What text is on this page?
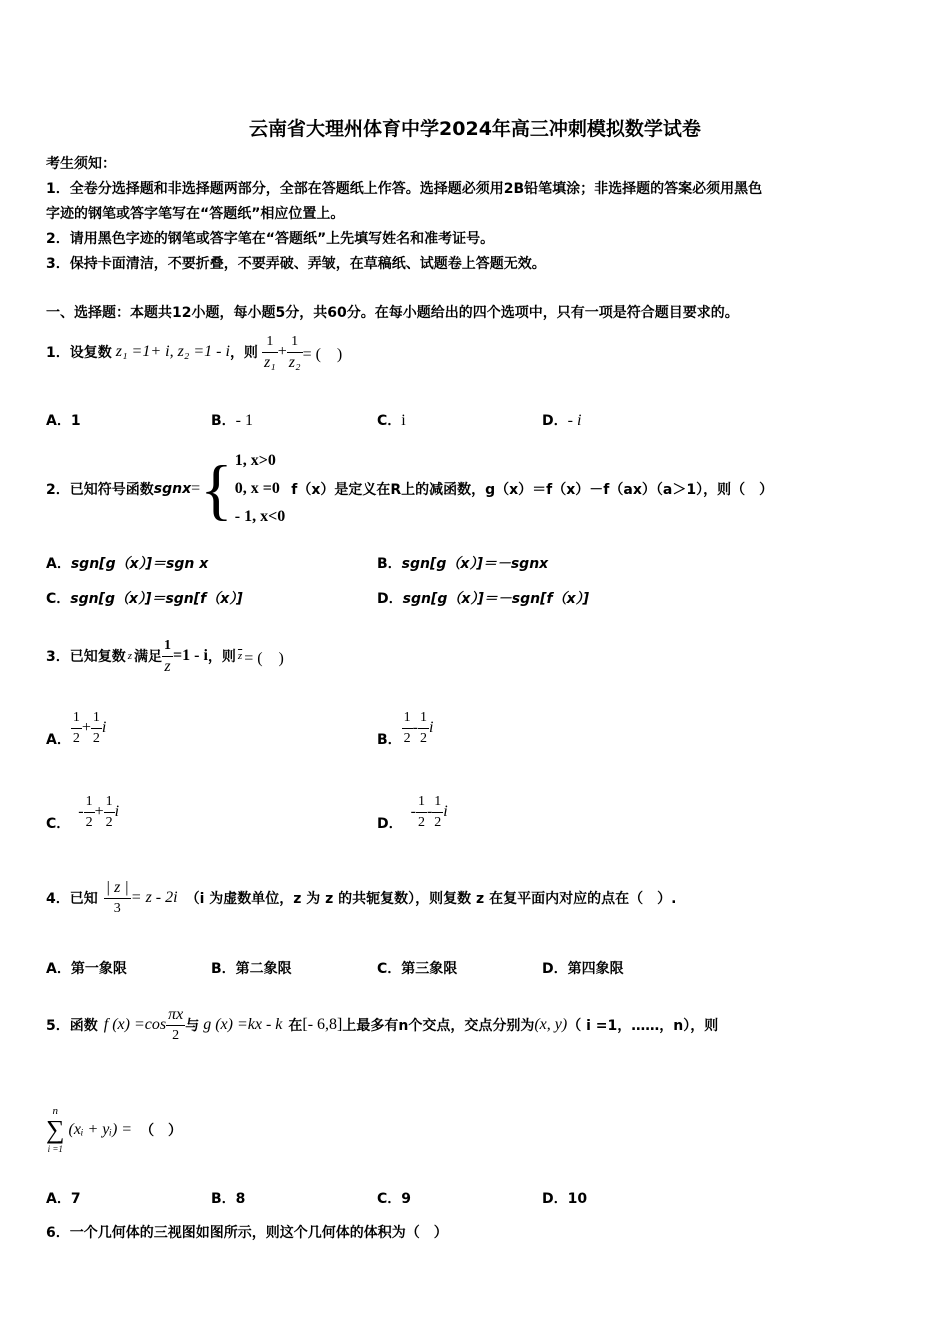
云南省大理州体育中学2024年高三冲刺模拟数学试卷
考生须知：
1．全卷分选择题和非选择题两部分，全部在答题纸上作答。选择题必须用2B铅笔填涂；非选择题的答案必须用黑色
字迹的钢笔或答字笔写在“答题纸”相应位置上。
2．请用黑色字迹的钢笔或答字笔在“答题纸”上先填写姓名和准考证号。
3．保持卡面清洁，不要折叠，不要弄破、弄皱，在草稿纸、试题卷上答题无效。
一、选择题：本题共12小题，每小题5分，共60分。在每小题给出的四个选项中，只有一项是符合题目要求的。
1．设复数 z₁ =1+ i, z₂ =1 - i ，则 $\frac{1}{\text{z₁}} + \frac{1}{\text{z₂}}$ = (　)
A．1	B．- 1	C．i	D．- i
2．已知符号函数 sgnx = { 1, x>0
0, x =0
- 1, x<0
f（x）是定义在R上的减函数，g（x）＝f（x）－f（ax）（a＞1），则（　）
A．sgn[g（x）]＝sgn x	B．sgn[g（x）]＝－sgnx
C．sgn[g（x）]＝sgn[f（x）]	D．sgn[g（x）]＝－sgn[f（x）]
3．已知复数 z 满足 $\frac{1}{z} =1 - i$ ，则 $\overline{z}$ = (　)
A． $\frac{1}{2} + \frac{1}{2}$ i
B． $\frac{1}{2} - \frac{1}{2}$ i
C．
- $\frac{1}{2} + \frac{1}{2}$ i
D．
- $\frac{1}{2} - \frac{1}{2}$ i
4．已知 $\frac{| z |}{3} = z - 2i$ （i 为虚数单位，z 为 z 的共轭复数），则复数 z 在复平面内对应的点在（　）.
A．第一象限	B．第二象限	C．第三象限	D．第四象限
5．函数 f $(x) =\cos \frac{\pi x}{2}$ 与 g (x) =kx - k 在 [- 6,8] 上最多有n个交点，交点分别为 (x, y) （ i =1，……，n），则
n
∑
i =1
(xᵢ + yᵢ) = （　）
A．7	B．8	C．9	D．10
6．一个几何体的三视图如图所示，则这个几何体的体积为（　）
